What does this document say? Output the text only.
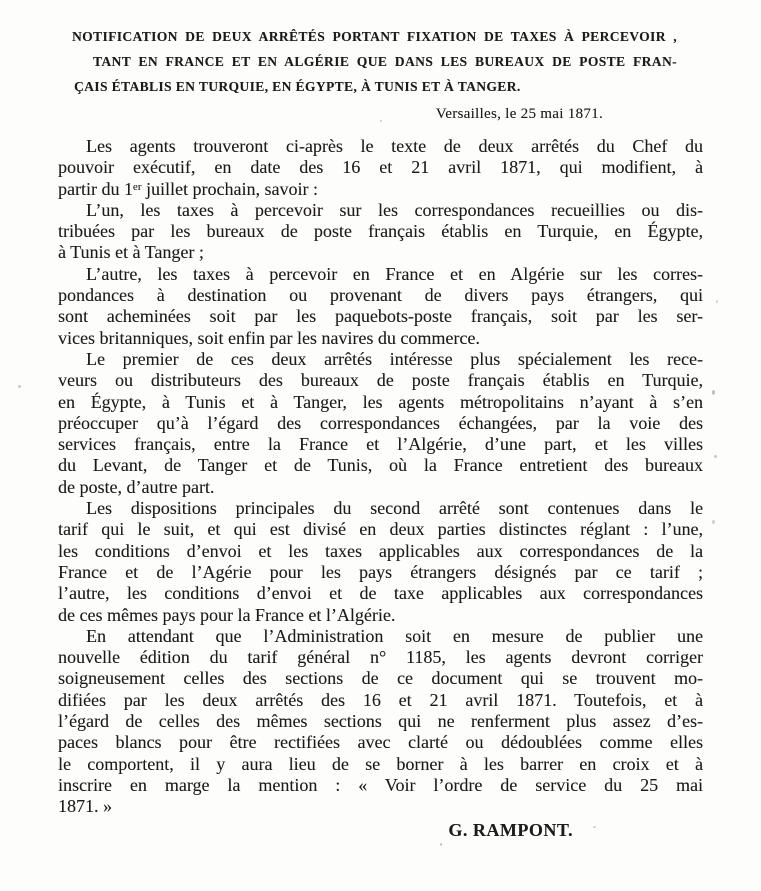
NOTIFICATION DE DEUX ARRÊTÉS PORTANT FIXATION DE TAXES À PERCEVOIR ,
TANT EN FRANCE ET EN ALGÉRIE QUE DANS LES BUREAUX DE POSTE FRAN-
ÇAIS ÉTABLIS EN TURQUIE, EN ÉGYPTE, À TUNIS ET À TANGER.
Versailles, le 25 mai 1871.

Les agents trouveront ci-après le texte de deux arrêtés du Chef du
pouvoir exécutif, en date des 16 et 21 avril 1871, qui modifient, à
partir du 1ᵉʳ juillet prochain, savoir :

L’un, les taxes à percevoir sur les correspondances recueillies ou dis-
tribuées par les bureaux de poste français établis en Turquie, en Égypte,
à Tunis et à Tanger ;

L’autre, les taxes à percevoir en France et en Algérie sur les corres-
pondances à destination ou provenant de divers pays étrangers, qui
sont acheminées soit par les paquebots-poste français, soit par les ser-
vices britanniques, soit enfin par les navires du commerce.

Le premier de ces deux arrêtés intéresse plus spécialement les rece-
veurs ou distributeurs des bureaux de poste français établis en Turquie,
en Égypte, à Tunis et à Tanger, les agents métropolitains n’ayant à s’en
préoccuper qu’à l’égard des correspondances échangées, par la voie des
services français, entre la France et l’Algérie, d’une part, et les villes
du Levant, de Tanger et de Tunis, où la France entretient des bureaux
de poste, d’autre part.

Les dispositions principales du second arrêté sont contenues dans le
tarif qui le suit, et qui est divisé en deux parties distinctes réglant : l’une,
les conditions d’envoi et les taxes applicables aux correspondances de la
France et de l’Agérie pour les pays étrangers désignés par ce tarif ;
l’autre, les conditions d’envoi et de taxe applicables aux correspondances
de ces mêmes pays pour la France et l’Algérie.

En attendant que l’Administration soit en mesure de publier une
nouvelle édition du tarif général n° 1185, les agents devront corriger
soigneusement celles des sections de ce document qui se trouvent mo-
difiées par les deux arrêtés des 16 et 21 avril 1871. Toutefois, et à
l’égard de celles des mêmes sections qui ne renferment plus assez d’es-
paces blancs pour être rectifiées avec clarté ou dédoublées comme elles
le comportent, il y aura lieu de se borner à les barrer en croix et à
inscrire en marge la mention : « Voir l’ordre de service du 25 mai
1871. »

G. RAMPONT.
